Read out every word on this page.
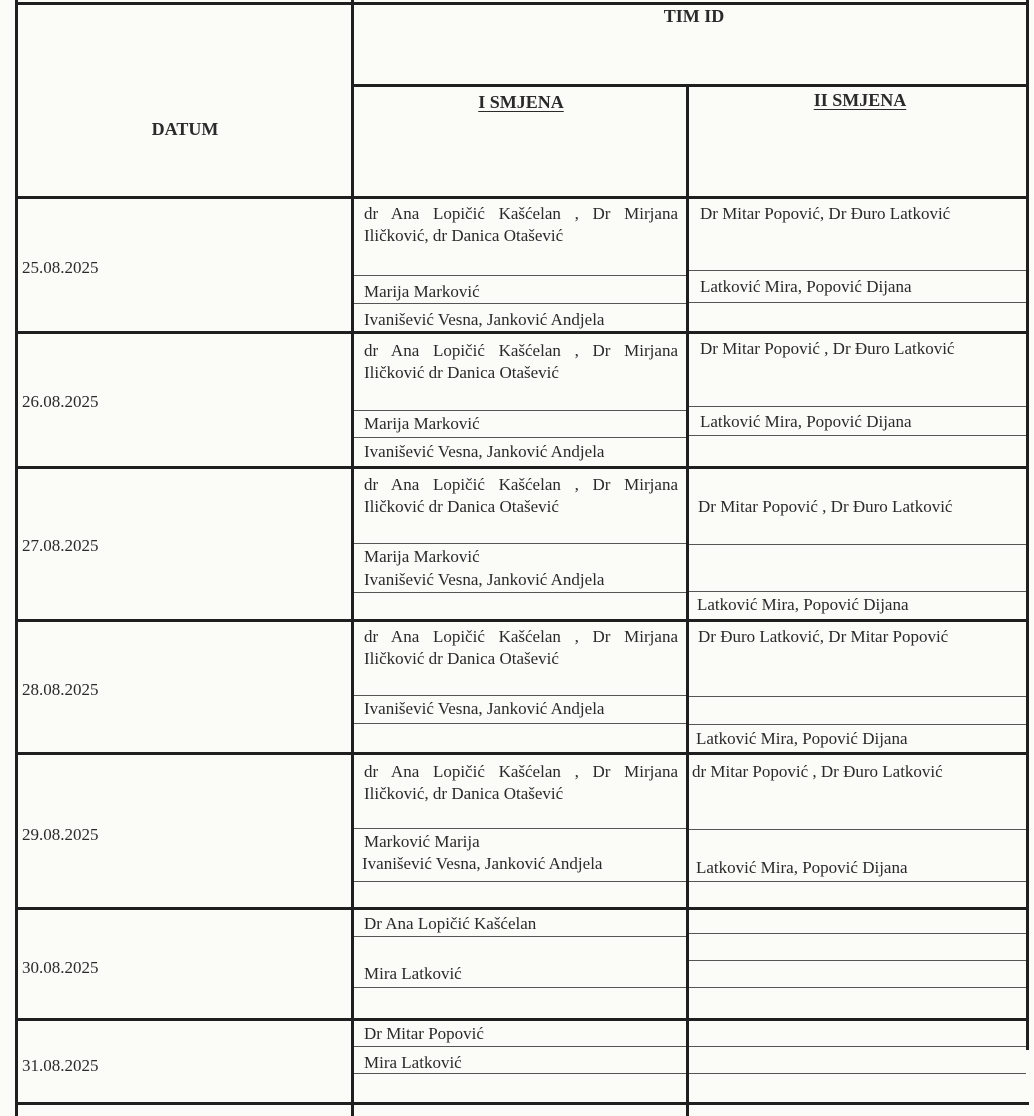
TIM ID
DATUM
I SMJENA	II SMJENA
25.08.2025
26.08.2025
27.08.2025
28.08.2025
29.08.2025
30.08.2025
31.08.2025
dr Ana Lopičić Kašćelan , Dr Mirjana Iličković, dr Danica Otašević
Marija Marković
Ivanišević Vesna, Janković Andjela
Dr Mitar Popović, Dr Đuro Latković
Latković Mira, Popović Dijana
dr Ana Lopičić Kašćelan , Dr Mirjana Iličković dr Danica Otašević
Marija Marković
Ivanišević Vesna, Janković Andjela
Dr Mitar Popović , Dr Đuro Latković
Latković Mira, Popović Dijana
dr Ana Lopičić Kašćelan , Dr Mirjana Iličković dr Danica Otašević
Marija Marković
Ivanišević Vesna, Janković Andjela
Dr Mitar Popović , Dr Đuro Latković
Latković Mira, Popović Dijana
dr Ana Lopičić Kašćelan , Dr Mirjana Iličković dr Danica Otašević
Ivanišević Vesna, Janković Andjela
Dr Đuro Latković, Dr Mitar Popović
Latković Mira, Popović Dijana
dr Ana Lopičić Kašćelan , Dr Mirjana Iličković, dr Danica Otašević
Marković Marija
Ivanišević Vesna, Janković Andjela
dr Mitar Popović , Dr Đuro Latković
Latković Mira, Popović Dijana
Dr Ana Lopičić Kašćelan
Mira Latković
Dr Mitar Popović
Mira Latković
